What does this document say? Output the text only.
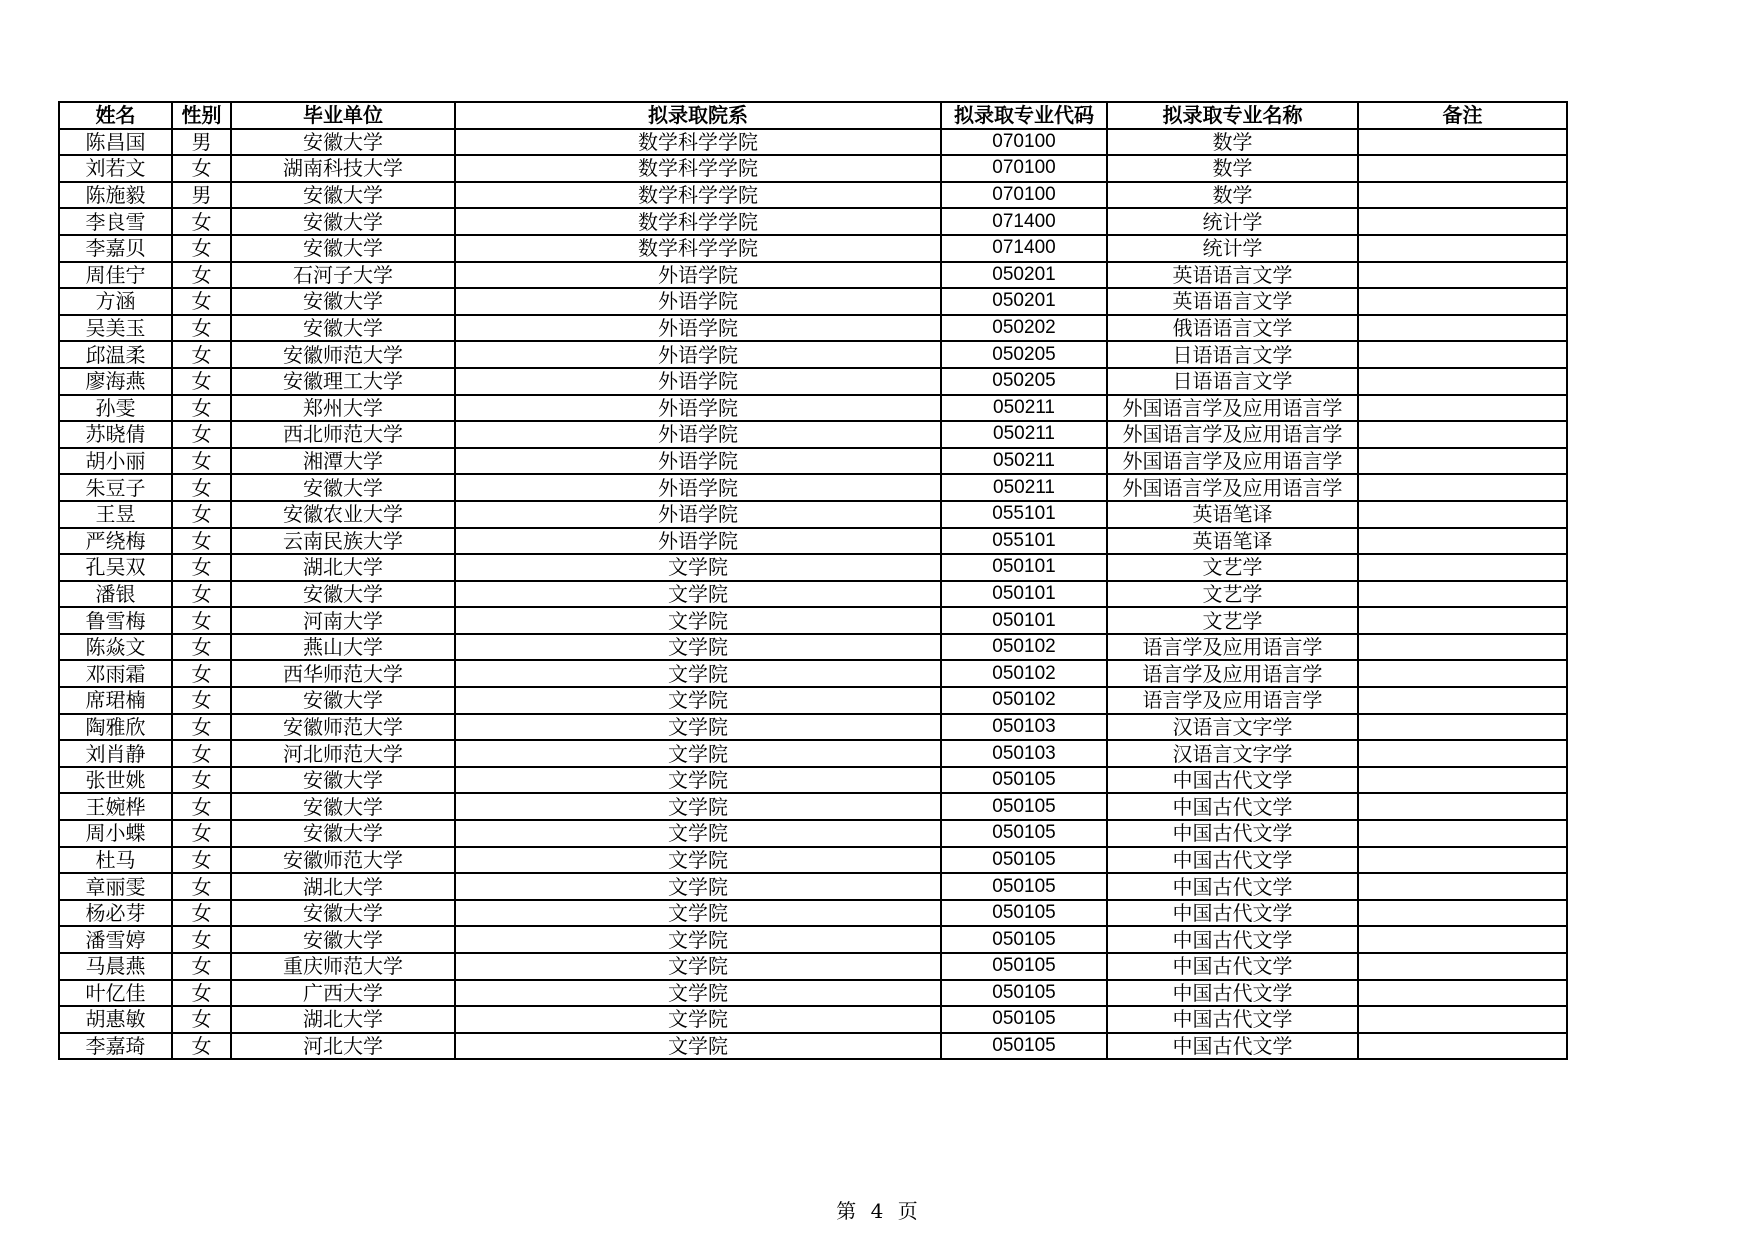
姓名	性别	毕业单位	拟录取院系	拟录取专业代码	拟录取专业名称	备注
陈昌国	男	安徽大学	数学科学学院	070100	数学	
刘若文	女	湖南科技大学	数学科学学院	070100	数学	
陈施毅	男	安徽大学	数学科学学院	070100	数学	
李良雪	女	安徽大学	数学科学学院	071400	统计学	
李嘉贝	女	安徽大学	数学科学学院	071400	统计学	
周佳宁	女	石河子大学	外语学院	050201	英语语言文学	
方涵	女	安徽大学	外语学院	050201	英语语言文学	
吴美玉	女	安徽大学	外语学院	050202	俄语语言文学	
邱温柔	女	安徽师范大学	外语学院	050205	日语语言文学	
廖海燕	女	安徽理工大学	外语学院	050205	日语语言文学	
孙雯	女	郑州大学	外语学院	050211	外国语言学及应用语言学	
苏晓倩	女	西北师范大学	外语学院	050211	外国语言学及应用语言学	
胡小丽	女	湘潭大学	外语学院	050211	外国语言学及应用语言学	
朱豆子	女	安徽大学	外语学院	050211	外国语言学及应用语言学	
王昱	女	安徽农业大学	外语学院	055101	英语笔译	
严绕梅	女	云南民族大学	外语学院	055101	英语笔译	
孔吴双	女	湖北大学	文学院	050101	文艺学	
潘银	女	安徽大学	文学院	050101	文艺学	
鲁雪梅	女	河南大学	文学院	050101	文艺学	
陈焱文	女	燕山大学	文学院	050102	语言学及应用语言学	
邓雨霜	女	西华师范大学	文学院	050102	语言学及应用语言学	
席珺楠	女	安徽大学	文学院	050102	语言学及应用语言学	
陶雅欣	女	安徽师范大学	文学院	050103	汉语言文字学	
刘肖静	女	河北师范大学	文学院	050103	汉语言文字学	
张世姚	女	安徽大学	文学院	050105	中国古代文学	
王婉桦	女	安徽大学	文学院	050105	中国古代文学	
周小蝶	女	安徽大学	文学院	050105	中国古代文学	
杜马	女	安徽师范大学	文学院	050105	中国古代文学	
章丽雯	女	湖北大学	文学院	050105	中国古代文学	
杨必芽	女	安徽大学	文学院	050105	中国古代文学	
潘雪婷	女	安徽大学	文学院	050105	中国古代文学	
马晨燕	女	重庆师范大学	文学院	050105	中国古代文学	
叶亿佳	女	广西大学	文学院	050105	中国古代文学	
胡惠敏	女	湖北大学	文学院	050105	中国古代文学	
李嘉琦	女	河北大学	文学院	050105	中国古代文学	
第 4 页
